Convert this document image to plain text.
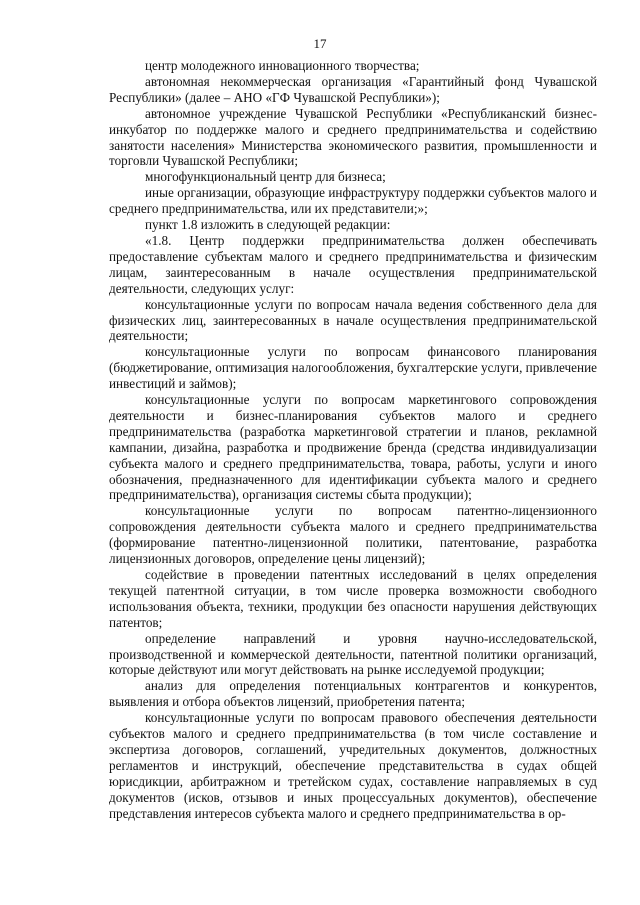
17

центр молодежного инновационного творчества;

автономная некоммерческая организация «Гарантийный фонд Чувашской Республики» (далее – АНО «ГФ Чувашской Республики»);

автономное учреждение Чувашской Республики «Республиканский бизнес-инкубатор по поддержке малого и среднего предпринимательства и содействию занятости населения» Министерства экономического развития, промышленности и торговли Чувашской Республики;

многофункциональный центр для бизнеса;

иные организации, образующие инфраструктуру поддержки субъектов малого и среднего предпринимательства, или их представители;»;

пункт 1.8 изложить в следующей редакции:

«1.8. Центр поддержки предпринимательства должен обеспечивать предоставление субъектам малого и среднего предпринимательства и физическим лицам, заинтересованным в начале осуществления предпринимательской деятельности, следующих услуг:

консультационные услуги по вопросам начала ведения собственного дела для физических лиц, заинтересованных в начале осуществления предпринимательской деятельности;

консультационные услуги по вопросам финансового планирования (бюджетирование, оптимизация налогообложения, бухгалтерские услуги, привлечение инвестиций и займов);

консультационные услуги по вопросам маркетингового сопровождения деятельности и бизнес-планирования субъектов малого и среднего предпринимательства (разработка маркетинговой стратегии и планов, рекламной кампании, дизайна, разработка и продвижение бренда (средства индивидуализации субъекта малого и среднего предпринимательства, товара, работы, услуги и иного обозначения, предназначенного для идентификации субъекта малого и среднего предпринимательства), организация системы сбыта продукции);

консультационные услуги по вопросам патентно-лицензионного сопровождения деятельности субъекта малого и среднего предпринимательства (формирование патентно-лицензионной политики, патентование, разработка лицензионных договоров, определение цены лицензий);

содействие в проведении патентных исследований в целях определения текущей патентной ситуации, в том числе проверка возможности свободного использования объекта, техники, продукции без опасности нарушения действующих патентов;

определение направлений и уровня научно-исследовательской, производственной и коммерческой деятельности, патентной политики организаций, которые действуют или могут действовать на рынке исследуемой продукции;

анализ для определения потенциальных контрагентов и конкурентов, выявления и отбора объектов лицензий, приобретения патента;

консультационные услуги по вопросам правового обеспечения деятельности субъектов малого и среднего предпринимательства (в том числе составление и экспертиза договоров, соглашений, учредительных документов, должностных регламентов и инструкций, обеспечение представительства в судах общей юрисдикции, арбитражном и третейском судах, составление направляемых в суд документов (исков, отзывов и иных процессуальных документов), обеспечение представления интересов субъекта малого и среднего предпринимательства в ор-
